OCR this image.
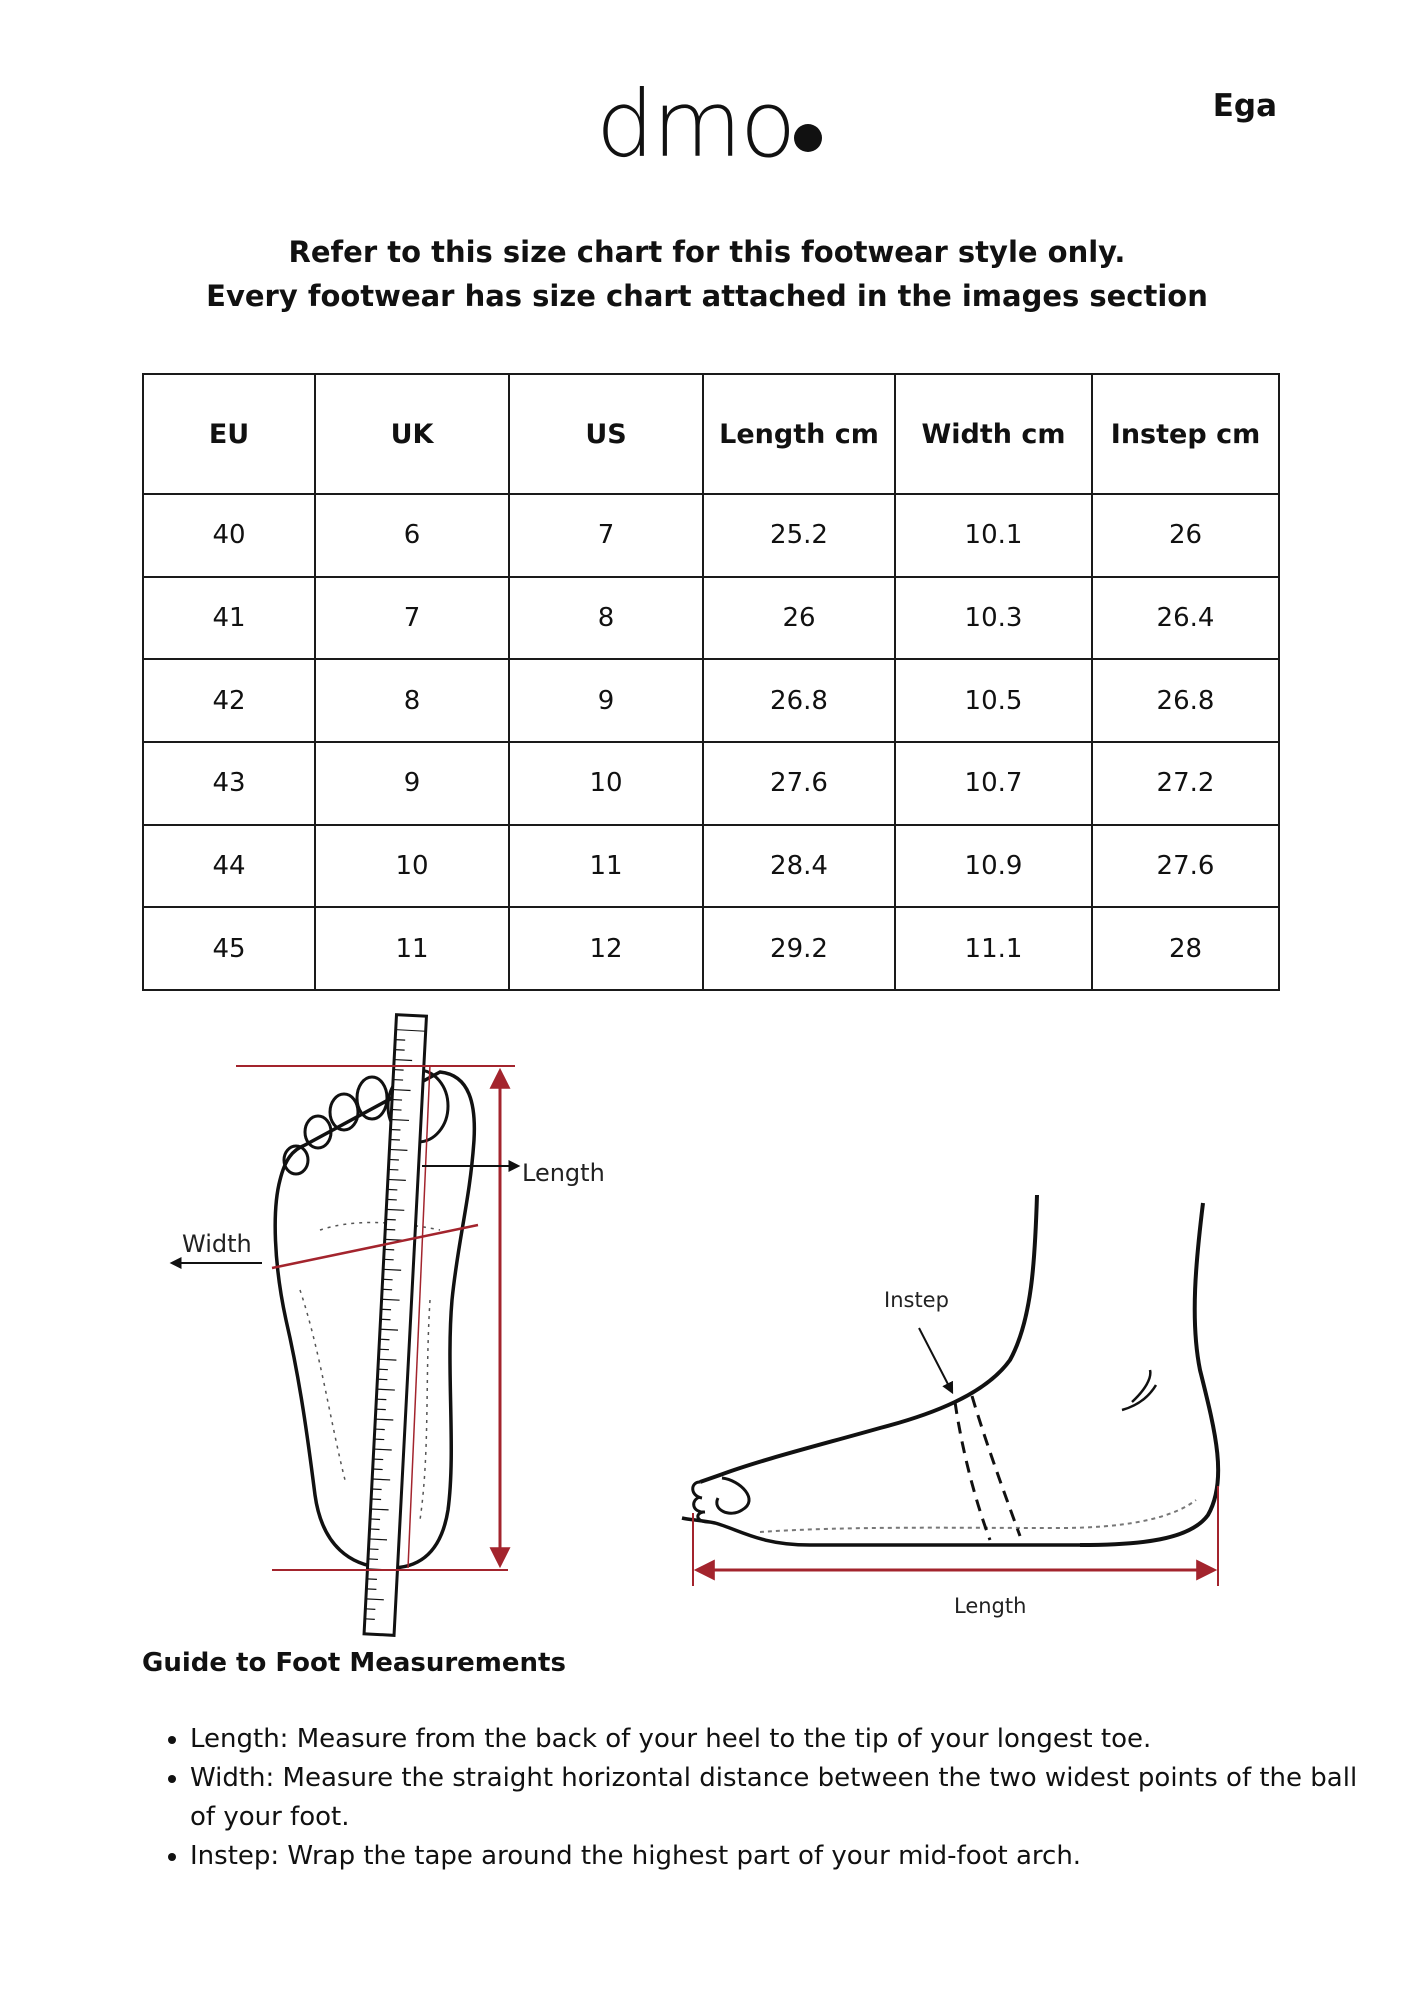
dmo	Ega
Refer to this size chart for this footwear style only.
Every footwear has size chart attached in the images section
EU	UK	US	Length cm	Width cm	Instep cm
40	6	7	25.2	10.1	26
41	7	8	26	10.3	26.4
42	8	9	26.8	10.5	26.8
43	9	10	27.6	10.7	27.2
44	10	11	28.4	10.9	27.6
45	11	12	29.2	11.1	28
Length
Width
Instep
Length
Guide to Foot Measurements
• Length: Measure from the back of your heel to the tip of your longest toe.
• Width: Measure the straight horizontal distance between the two widest points of the ball of your foot.
• Instep: Wrap the tape around the highest part of your mid-foot arch.
